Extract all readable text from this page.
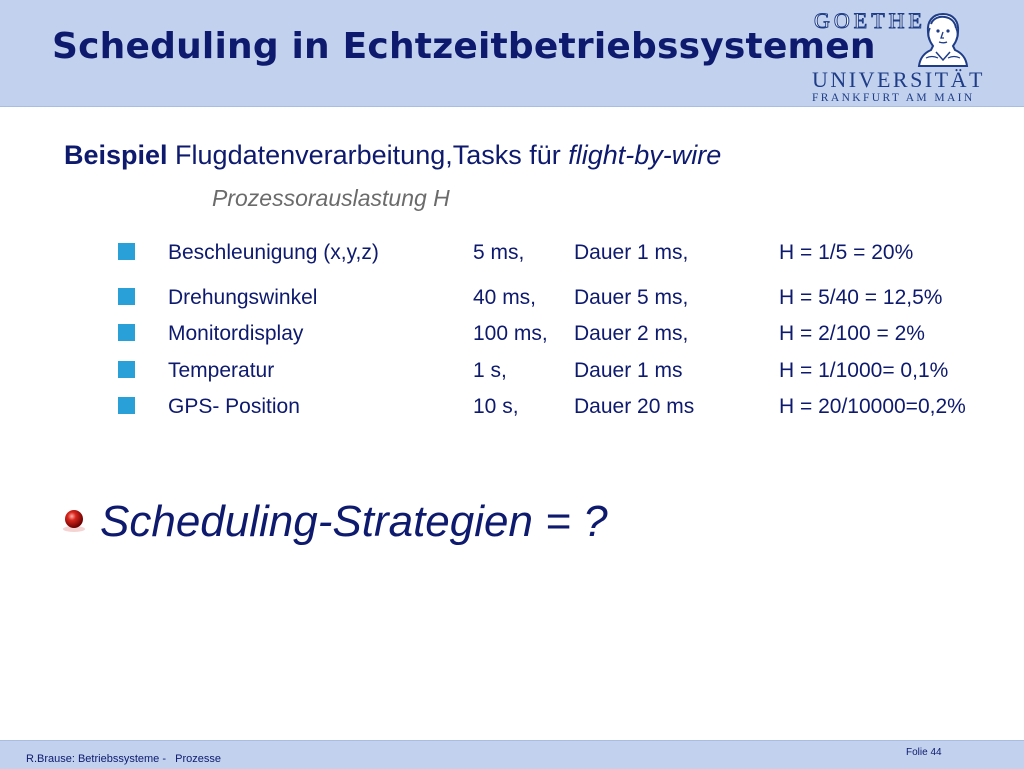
Scheduling in Echtzeitbetriebssystemen
GOETHE
UNIVERSITÄT
FRANKFURT AM MAIN
Beispiel Flugdatenverarbeitung,Tasks für flight-by-wire
Prozessorauslastung H
Beschleunigung (x,y,z)	5 ms, Dauer 1 ms,	H = 1/5 = 20%
Drehungswinkel	40 ms, Dauer 5 ms,	H = 5/40 = 12,5%
Monitordisplay	100 ms, Dauer 2 ms,	H = 2/100 = 2%
Temperatur	1 s,	Dauer 1 ms	H = 1/1000= 0,1%
GPS- Position	10 s,	Dauer 20 ms	H = 20/10000=0,2%
Scheduling-Strategien = ?
R.Brause: Betriebssysteme -   Prozesse
Folie 44
